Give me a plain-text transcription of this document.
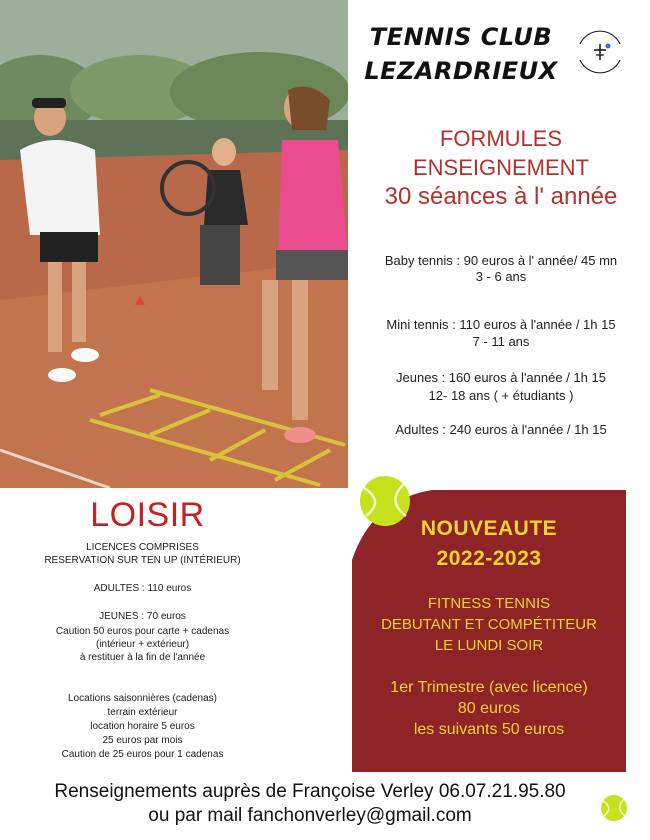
TENNIS CLUB
LEZARDRIEUX
FORMULES
ENSEIGNEMENT
30 séances à l' année
Baby tennis : 90 euros à l' année/ 45 mn
3 - 6 ans
Mini tennis : 110 euros à l'année / 1h 15
7 - 11 ans
Jeunes : 160 euros à l'année / 1h 15
12- 18 ans ( + étudiants )
Adultes : 240 euros à l'année / 1h 15
LOISIR
LICENCES COMPRISES
RESERVATION SUR TEN UP (INTÉRIEUR)
ADULTES : 110 euros
JEUNES : 70 euros
Caution 50 euros pour carte + cadenas
(intérieur + extérieur)
à restituer à la fin de l'année
Locations saisonnières (cadenas)
terrain extérieur
location horaire 5 euros
25 euros par mois
Caution de 25 euros pour 1 cadenas
NOUVEAUTE
2022-2023
FITNESS TENNIS
DEBUTANT ET COMPÉTITEUR
LE LUNDI SOIR
1er Trimestre (avec licence)
80 euros
les suivants 50 euros
Renseignements auprès de Françoise Verley 06.07.21.95.80
ou par mail fanchonverley@gmail.com
